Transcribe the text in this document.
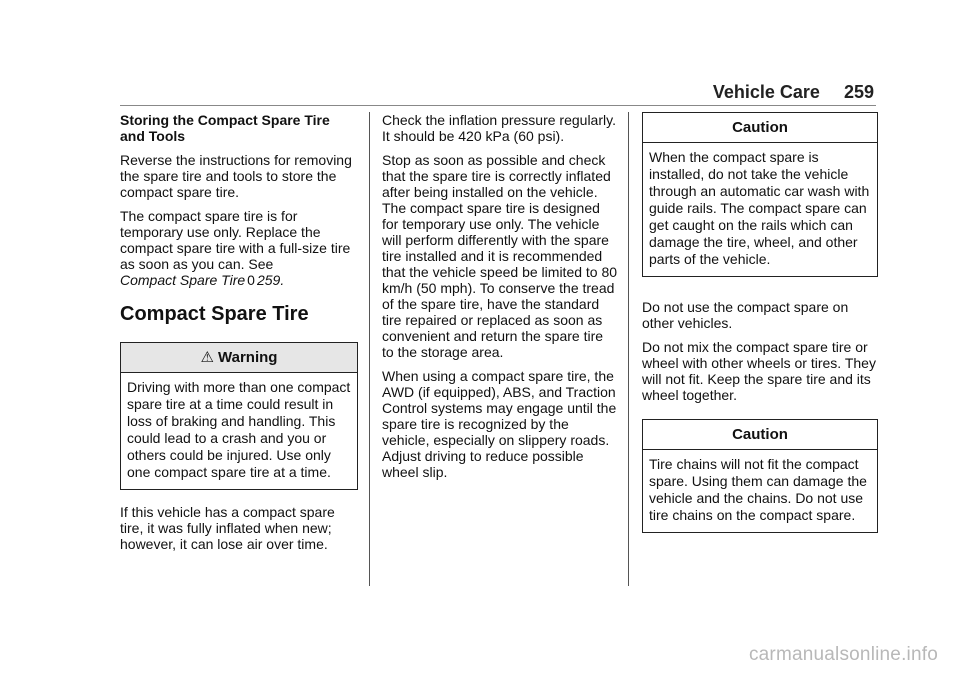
Vehicle Care 259
Storing the Compact Spare Tire
and Tools

Reverse the instructions for removing the spare tire and tools to store the compact spare tire.

The compact spare tire is for temporary use only. Replace the compact spare tire with a full-size tire as soon as you can. See
Compact Spare Tire 0 259.

Compact Spare Tire
⚠ Warning
Driving with more than one compact spare tire at a time could result in loss of braking and handling. This could lead to a crash and you or others could be injured. Use only one compact spare tire at a time.

If this vehicle has a compact spare tire, it was fully inflated when new; however, it can lose air over time.

Check the inflation pressure regularly. It should be 420 kPa (60 psi).

Stop as soon as possible and check that the spare tire is correctly inflated after being installed on the vehicle. The compact spare tire is designed for temporary use only. The vehicle will perform differently with the spare tire installed and it is recommended that the vehicle speed be limited to 80 km/h (50 mph). To conserve the tread of the spare tire, have the standard tire repaired or replaced as soon as convenient and return the spare tire to the storage area.

When using a compact spare tire, the AWD (if equipped), ABS, and Traction Control systems may engage until the spare tire is recognized by the vehicle, especially on slippery roads. Adjust driving to reduce possible wheel slip.

Caution
When the compact spare is installed, do not take the vehicle through an automatic car wash with guide rails. The compact spare can get caught on the rails which can damage the tire, wheel, and other parts of the vehicle.

Do not use the compact spare on other vehicles.

Do not mix the compact spare tire or wheel with other wheels or tires. They will not fit. Keep the spare tire and its wheel together.

Caution
Tire chains will not fit the compact spare. Using them can damage the vehicle and the chains. Do not use tire chains on the compact spare.
carmanualsonline.info
